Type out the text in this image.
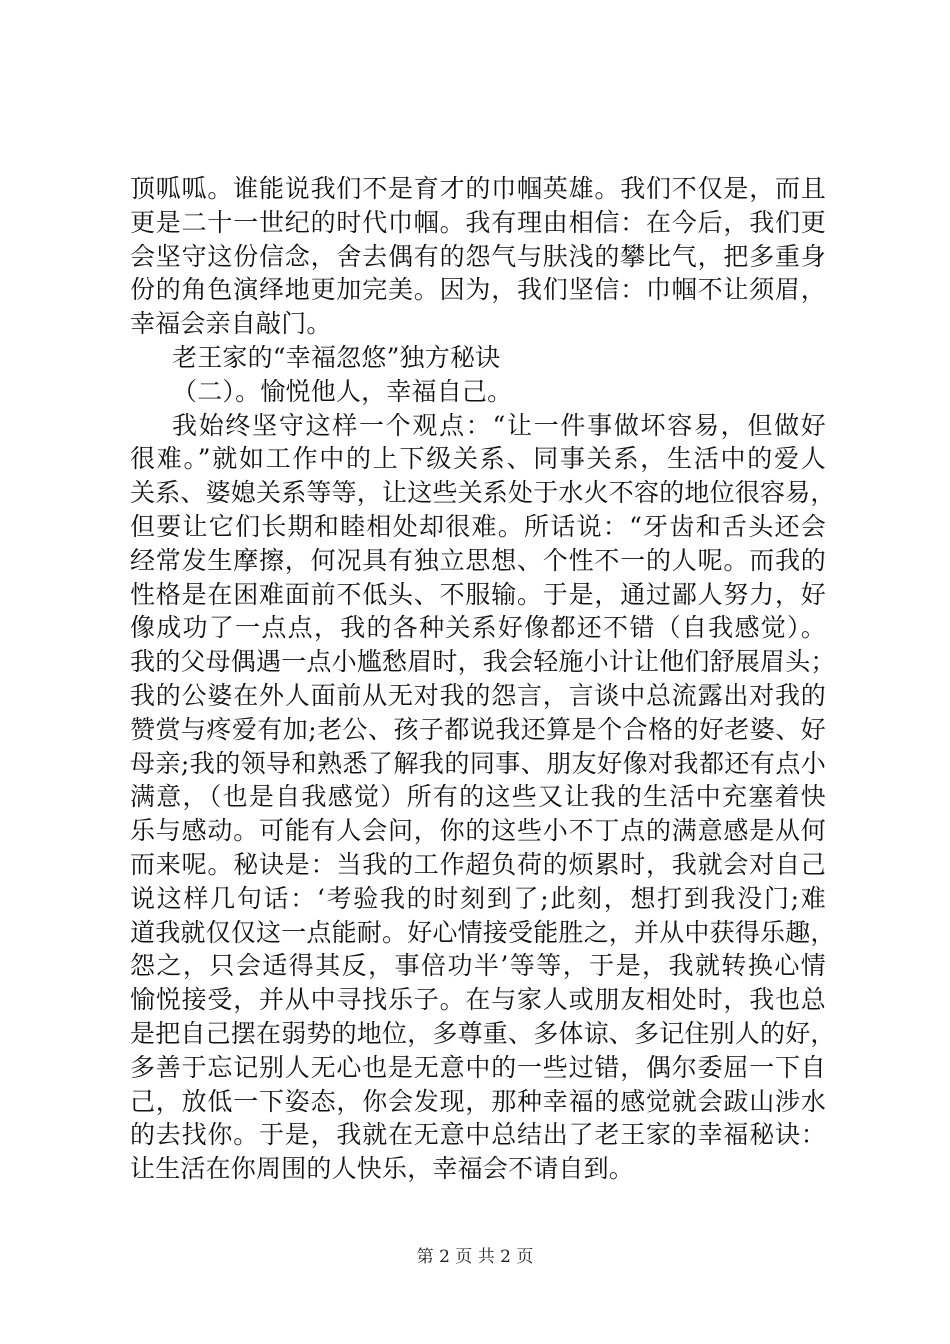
顶呱呱。谁能说我们不是育才的巾帼英雄。我们不仅是，而且
更是二十一世纪的时代巾帼。我有理由相信：在今后，我们更
会坚守这份信念，舍去偶有的怨气与肤浅的攀比气，把多重身
份的角色演绎地更加完美。因为，我们坚信：巾帼不让须眉，
幸福会亲自敲门。
老王家的“幸福忽悠”独方秘诀
（二）。愉悦他人，幸福自己。
我始终坚守这样一个观点：“让一件事做坏容易，但做好
很难。”就如工作中的上下级关系、同事关系，生活中的爱人
关系、婆媳关系等等，让这些关系处于水火不容的地位很容易，
但要让它们长期和睦相处却很难。所话说：“牙齿和舌头还会
经常发生摩擦，何况具有独立思想、个性不一的人呢。而我的
性格是在困难面前不低头、不服输。于是，通过鄙人努力，好
像成功了一点点，我的各种关系好像都还不错（自我感觉）。
我的父母偶遇一点小尴愁眉时，我会轻施小计让他们舒展眉头；
我的公婆在外人面前从无对我的怨言，言谈中总流露出对我的
赞赏与疼爱有加;老公、孩子都说我还算是个合格的好老婆、好
母亲;我的领导和熟悉了解我的同事、朋友好像对我都还有点小
满意，（也是自我感觉）所有的这些又让我的生活中充塞着快
乐与感动。可能有人会问，你的这些小不丁点的满意感是从何
而来呢。秘诀是：当我的工作超负荷的烦累时，我就会对自己
说这样几句话：‘考验我的时刻到了;此刻，想打到我没门;难
道我就仅仅这一点能耐。好心情接受能胜之，并从中获得乐趣，
怨之，只会适得其反，事倍功半’等等，于是，我就转换心情
愉悦接受，并从中寻找乐子。在与家人或朋友相处时，我也总
是把自己摆在弱势的地位，多尊重、多体谅、多记住别人的好，
多善于忘记别人无心也是无意中的一些过错，偶尔委屈一下自
己，放低一下姿态，你会发现，那种幸福的感觉就会跋山涉水
的去找你。于是，我就在无意中总结出了老王家的幸福秘诀：
让生活在你周围的人快乐，幸福会不请自到。
第 2 页 共 2 页
